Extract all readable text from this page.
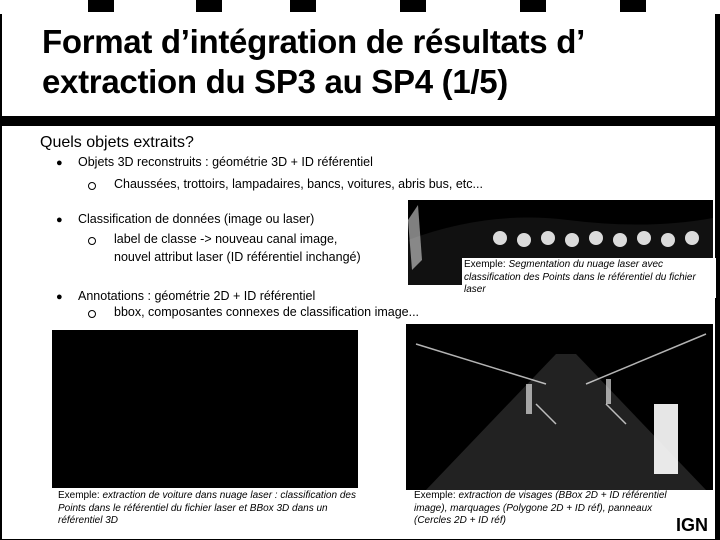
Format d’intégration de résultats d’
extraction du SP3 au SP4 (1/5)
Quels objets extraits?
● Objets 3D reconstruits : géométrie 3D + ID référentiel
Chaussées, trottoirs, lampadaires, bancs, voitures, abris bus, etc...
● Classification de données (image ou laser)
label de classe -> nouveau canal image,
nouvel attribut laser (ID référentiel inchangé)
Exemple: Segmentation du nuage laser avec classification des Points dans le référentiel du fichier laser
● Annotations : géométrie 2D + ID référentiel
bbox, composantes connexes de classification image...
Exemple: extraction de voiture dans nuage laser : classification des Points dans le référentiel du fichier laser et BBox 3D dans un référentiel 3D
Exemple: extraction de visages (BBox 2D + ID référentiel image), marquages (Polygone 2D + ID réf), panneaux (Cercles 2D + ID réf)	IGN
